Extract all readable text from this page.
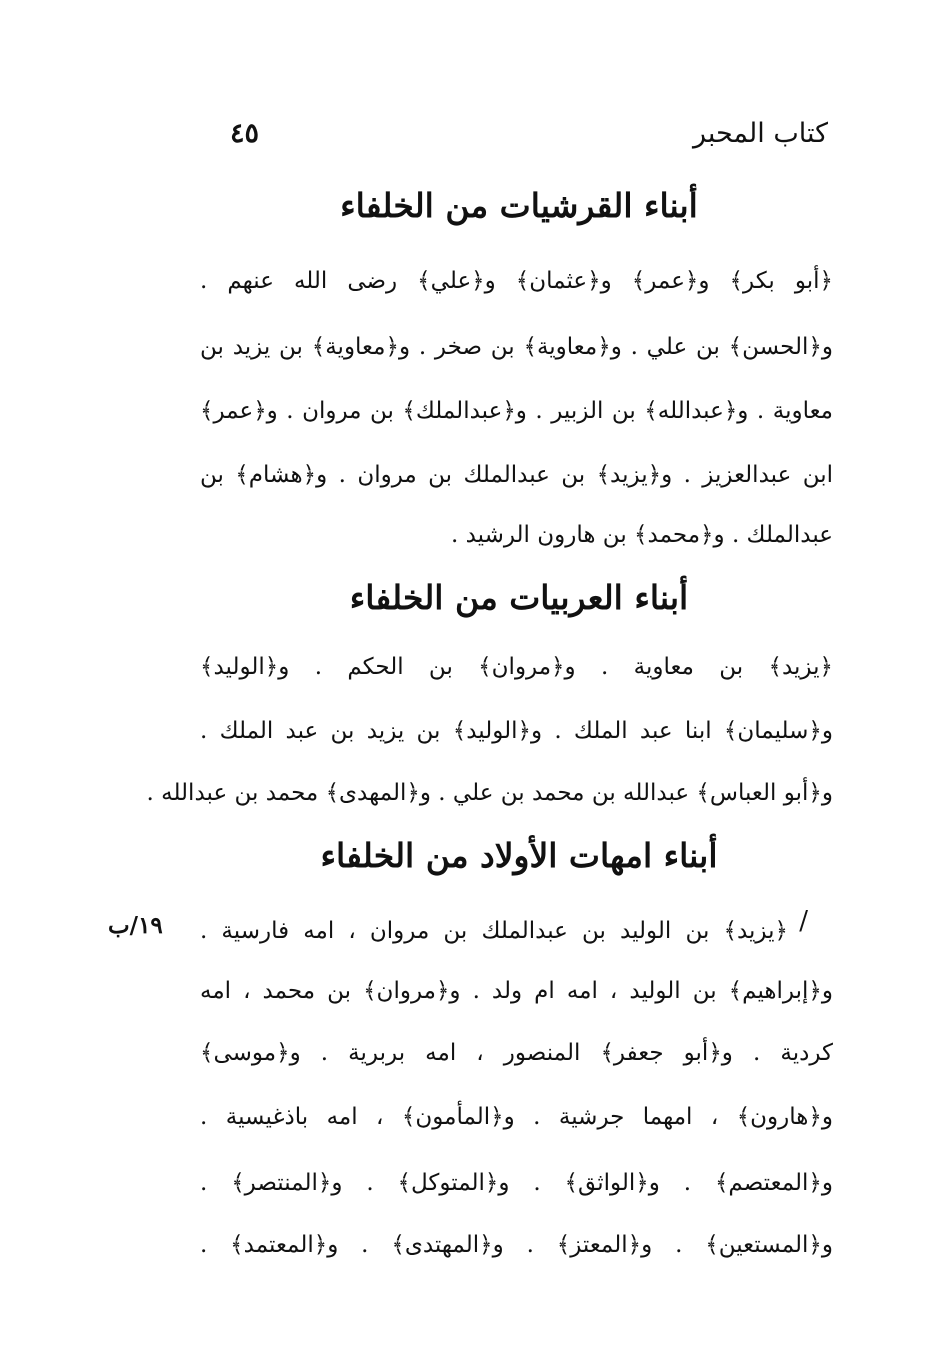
كتاب المحبر
٤٥
أبناء القرشيات من الخلفاء
﴿أبو بكر﴾ و﴿عمر﴾ و﴿عثمان﴾ و﴿علي﴾ رضى الله عنهم .
و﴿الحسن﴾ بن علي . و﴿معاوية﴾ بن صخر . و﴿معاوية﴾ بن يزيد بن
معاوية . و﴿عبدالله﴾ بن الزبير . و﴿عبدالملك﴾ بن مروان . و﴿عمر﴾
ابن عبدالعزيز . و﴿يزيد﴾ بن عبدالملك بن مروان . و﴿هشام﴾ بن
عبدالملك . و﴿محمد﴾ بن هارون الرشيد .
أبناء العربيات من الخلفاء
﴿يزيد﴾ بن معاوية . و﴿مروان﴾ بن الحكم . و﴿الوليد﴾
و﴿سليمان﴾ ابنا عبد الملك . و﴿الوليد﴾ بن يزيد بن عبد الملك .
و﴿أبو العباس﴾ عبدالله بن محمد بن علي . و﴿المهدى﴾ محمد بن عبدالله .
أبناء امهات الأولاد من الخلفاء
١٩/ب	/
﴿يزيد﴾ بن الوليد بن عبدالملك بن مروان ، امه فارسية .
و﴿إبراهيم﴾ بن الوليد ، امه ام ولد . و﴿مروان﴾ بن محمد ، امه
كردية . و﴿أبو جعفر﴾ المنصور ، امه بربرية . و﴿موسى﴾
و﴿هارون﴾ ، امهما جرشية . و﴿المأمون﴾ ، امه باذغيسية .
و﴿المعتصم﴾ . و﴿الواثق﴾ . و﴿المتوكل﴾ . و﴿المنتصر﴾ .
و﴿المستعين﴾ . و﴿المعتز﴾ . و﴿المهتدى﴾ . و﴿المعتمد﴾ .
